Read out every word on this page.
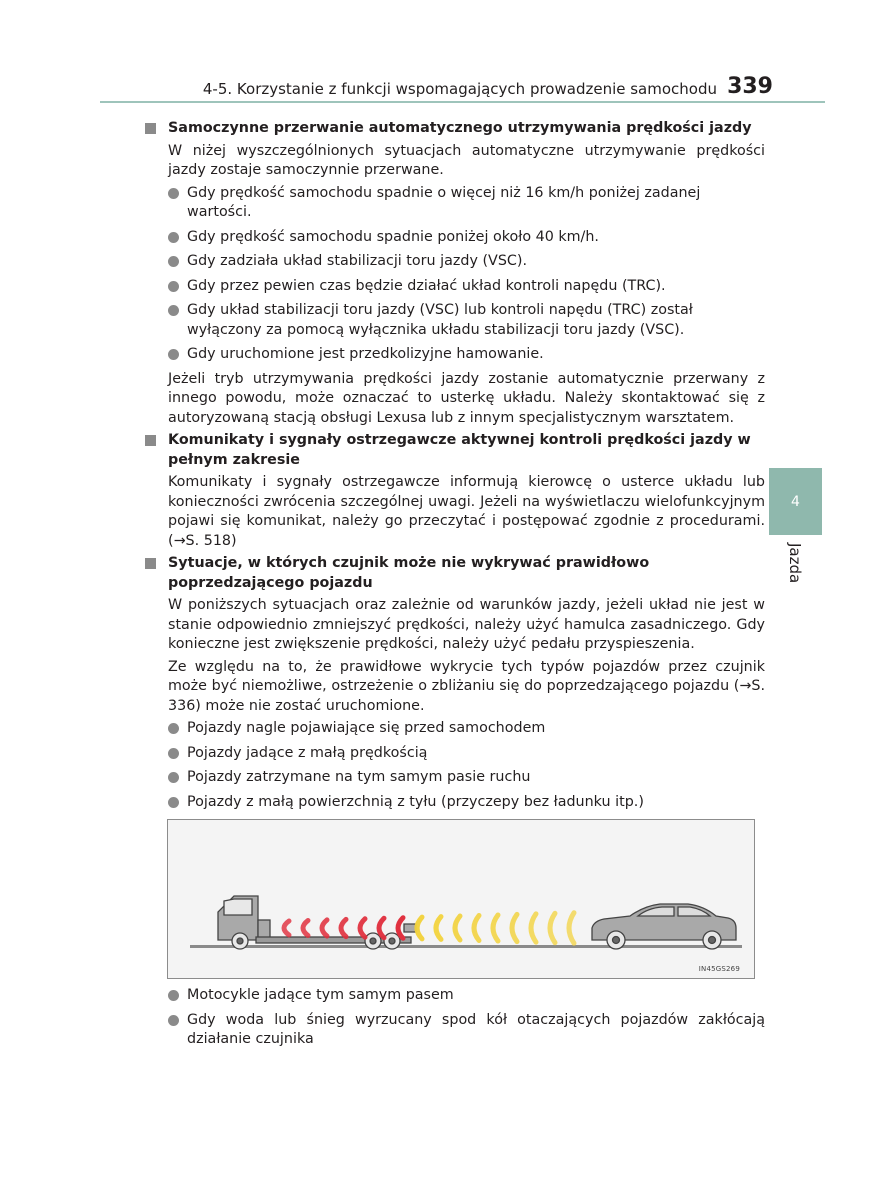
4-5. Korzystanie z funkcji wspomagających prowadzenie samochodu 339
4
Jazda
Samoczynne przerwanie automatycznego utrzymywania prędkości jazdy
W niżej wyszczególnionych sytuacjach automatyczne utrzymywanie prędkości jazdy zostaje samoczynnie przerwane.
Gdy prędkość samochodu spadnie o więcej niż 16 km/h poniżej zadanej wartości.
Gdy prędkość samochodu spadnie poniżej około 40 km/h.
Gdy zadziała układ stabilizacji toru jazdy (VSC).
Gdy przez pewien czas będzie działać układ kontroli napędu (TRC).
Gdy układ stabilizacji toru jazdy (VSC) lub kontroli napędu (TRC) został wyłączony za pomocą wyłącznika układu stabilizacji toru jazdy (VSC).
Gdy uruchomione jest przedkolizyjne hamowanie.
Jeżeli tryb utrzymywania prędkości jazdy zostanie automatycznie przerwany z innego powodu, może oznaczać to usterkę układu. Należy skontaktować się z autoryzowaną stacją obsługi Lexusa lub z innym specjalistycznym warsztatem.
Komunikaty i sygnały ostrzegawcze aktywnej kontroli prędkości jazdy w pełnym zakresie
Komunikaty i sygnały ostrzegawcze informują kierowcę o usterce układu lub konieczności zwrócenia szczególnej uwagi. Jeżeli na wyświetlaczu wielofunkcyjnym pojawi się komunikat, należy go przeczytać i postępować zgodnie z procedurami. (→S. 518)
Sytuacje, w których czujnik może nie wykrywać prawidłowo poprzedzającego pojazdu
W poniższych sytuacjach oraz zależnie od warunków jazdy, jeżeli układ nie jest w stanie odpowiednio zmniejszyć prędkości, należy użyć hamulca zasadniczego. Gdy konieczne jest zwiększenie prędkości, należy użyć pedału przyspieszenia.
Ze względu na to, że prawidłowe wykrycie tych typów pojazdów przez czujnik może być niemożliwe, ostrzeżenie o zbliżaniu się do poprzedzającego pojazdu (→S. 336) może nie zostać uruchomione.
Pojazdy nagle pojawiające się przed samochodem
Pojazdy jadące z małą prędkością
Pojazdy zatrzymane na tym samym pasie ruchu
Pojazdy z małą powierzchnią z tyłu (przyczepy bez ładunku itp.)
IN45GS269
Motocykle jadące tym samym pasem
Gdy woda lub śnieg wyrzucany spod kół otaczających pojazdów zakłócają działanie czujnika
